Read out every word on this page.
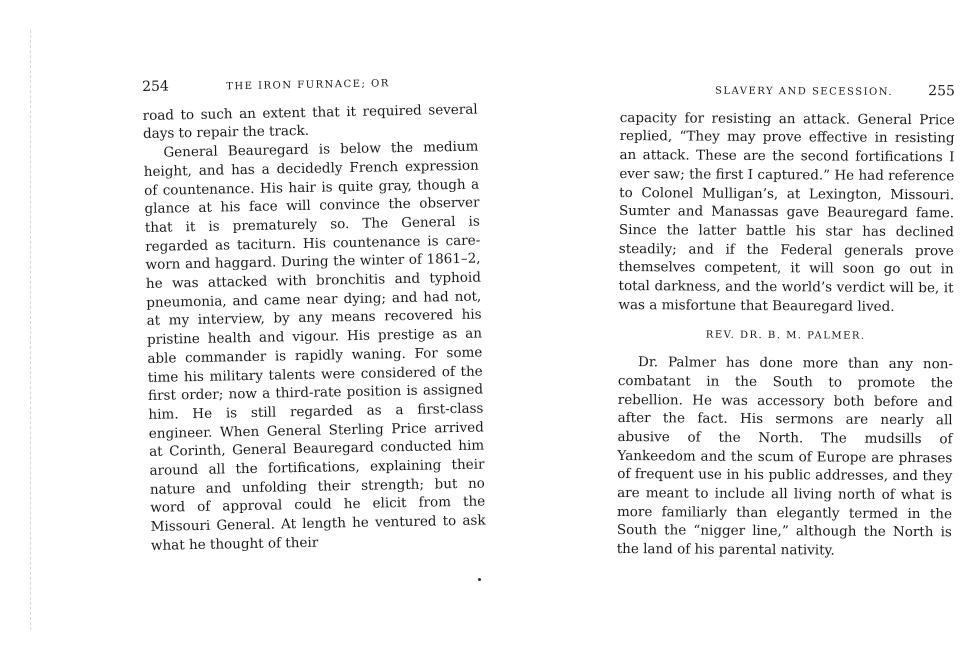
254	THE IRON FURNACE; OR

road to such an extent that it required several days to repair the track.

General Beauregard is below the medium height, and has a decidedly French expression of countenance. His hair is quite gray, though a glance at his face will convince the observer that it is prematurely so. The General is regarded as taciturn. His countenance is care-worn and haggard. During the winter of 1861–2, he was attacked with bronchitis and typhoid pneumonia, and came near dying; and had not, at my interview, by any means recovered his pristine health and vigour. His prestige as an able commander is rapidly waning. For some time his military talents were considered of the first order; now a third-rate position is assigned him. He is still regarded as a first-class engineer. When General Sterling Price arrived at Corinth, General Beauregard conducted him around all the fortifications, explaining their nature and unfolding their strength; but no word of approval could he elicit from the Missouri General. At length he ventured to ask what he thought of their

SLAVERY AND SECESSION.	255

capacity for resisting an attack. General Price replied, “They may prove effective in resisting an attack. These are the second fortifications I ever saw; the first I captured.” He had reference to Colonel Mulligan’s, at Lexington, Missouri. Sumter and Manassas gave Beauregard fame. Since the latter battle his star has declined steadily; and if the Federal generals prove themselves competent, it will soon go out in total darkness, and the world’s verdict will be, it was a misfortune that Beauregard lived.

REV. DR. B. M. PALMER.

Dr. Palmer has done more than any non-combatant in the South to promote the rebellion. He was accessory both before and after the fact. His sermons are nearly all abusive of the North. The mudsills of Yankeedom and the scum of Europe are phrases of frequent use in his public addresses, and they are meant to include all living north of what is more familiarly than elegantly termed in the South the “nigger line,” although the North is the land of his parental nativity.
